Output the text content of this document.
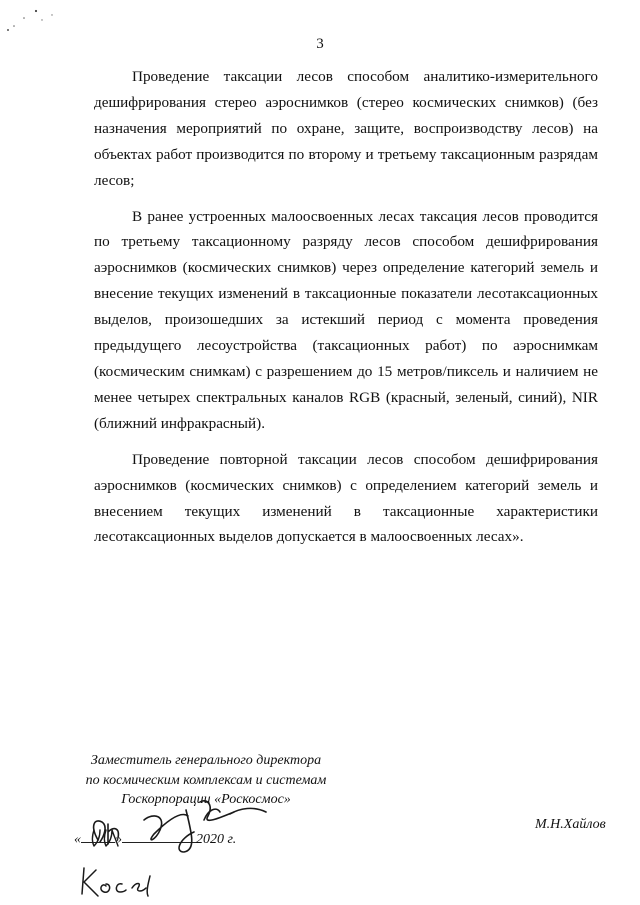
3

Проведение таксации лесов способом аналитико-измерительного дешифрирования стерео аэроснимков (стерео космических снимков) (без назначения мероприятий по охране, защите, воспроизводству лесов) на объектах работ производится по второму и третьему таксационным разрядам лесов;

В ранее устроенных малоосвоенных лесах таксация лесов проводится по третьему таксационному разряду лесов способом дешифрирования аэроснимков (космических снимков) через определение категорий земель и внесение текущих изменений в таксационные показатели лесотаксационных выделов, произошедших за истекший период с момента проведения предыдущего лесоустройства (таксационных работ) по аэроснимкам (космическим снимкам) с разрешением до 15 метров/пиксель и наличием не менее четырех спектральных каналов RGB (красный, зеленый, синий), NIR (ближний инфракрасный).

Проведение повторной таксации лесов способом дешифрирования аэроснимков (космических снимков) с определением категорий земель и внесением текущих изменений в таксационные характеристики лесотаксационных выделов допускается в малоосвоенных лесах».

Заместитель генерального директора
по космическим комплексам и системам
Госкорпорации «Роскосмос»
М.Н.Хайлов
« »	2020 г.
